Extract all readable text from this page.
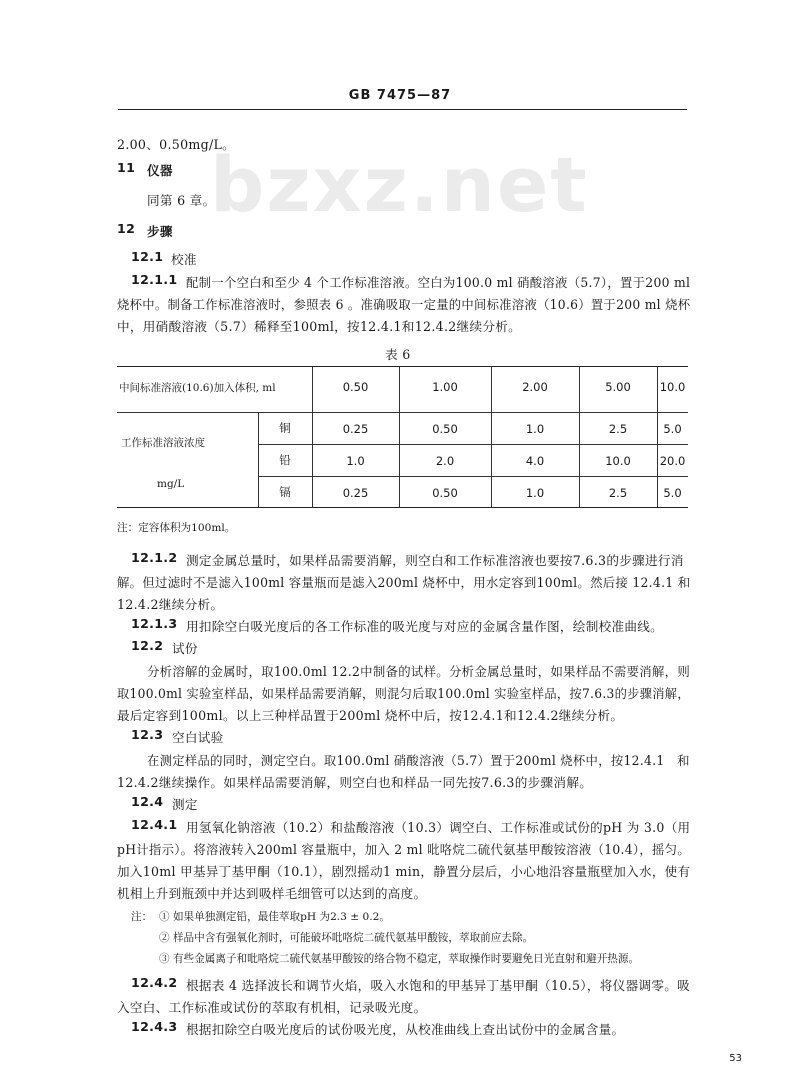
bzxz.net
GB 7475—87
2.00、0.50mg/L。
11 仪器
同第 6 章。
12 步骤
12.1 校准
12.1.1 配制一个空白和至少 4 个工作标准溶液。空白为100.0 ml 硝酸溶液（5.7），置于200 ml
烧杯中。制备工作标准溶液时，参照表 6 。准确吸取一定量的中间标准溶液（10.6）置于200 ml 烧杯
中，用硝酸溶液（5.7）稀释至100ml，按12.4.1和12.4.2继续分析。
表 6
中间标准溶液(10.6)加入体积, ml	0.50	1.00	2.00	5.00	10.0
工作标准溶液浓度
mg/L
铜	0.25	0.50	1.0	2.5	5.0
铅	1.0	2.0	4.0	10.0	20.0
镉	0.25	0.50	1.0	2.5	5.0
注：定容体积为100ml。
12.1.2 测定金属总量时，如果样品需要消解，则空白和工作标准溶液也要按7.6.3的步骤进行消
解。但过滤时不是滤入100ml 容量瓶而是滤入200ml 烧杯中，用水定容到100ml。然后接 12.4.1 和
12.4.2继续分析。
12.1.3 用扣除空白吸光度后的各工作标准的吸光度与对应的金属含量作图，绘制校准曲线。
12.2 试份
分析溶解的金属时，取100.0ml 12.2中制备的试样。分析金属总量时，如果样品不需要消解，则
取100.0ml 实验室样品，如果样品需要消解，则混匀后取100.0ml 实验室样品，按7.6.3的步骤消解，
最后定容到100ml。以上三种样品置于200ml 烧杯中后，按12.4.1和12.4.2继续分析。
12.3 空白试验
在测定样品的同时，测定空白。取100.0ml 硝酸溶液（5.7）置于200ml 烧杯中，按12.4.1　和
12.4.2继续操作。如果样品需要消解，则空白也和样品一同先按7.6.3的步骤消解。
12.4 测定
12.4.1 用氢氧化钠溶液（10.2）和盐酸溶液（10.3）调空白、工作标准或试份的pH 为 3.0（用
pH计指示）。将溶液转入200ml 容量瓶中，加入 2 ml 吡咯烷二硫代氨基甲酸铵溶液（10.4），摇匀。
加入10ml 甲基异丁基甲酮（10.1），剧烈摇动1 min，静置分层后，小心地沿容量瓶壁加入水，使有
机相上升到瓶颈中并达到吸样毛细管可以达到的高度。
注： ① 如果单独测定铅，最佳萃取pH 为2.3 ± 0.2。
② 样品中含有强氧化剂时，可能破坏吡咯烷二硫代氨基甲酸铵，萃取前应去除。
③ 有些金属离子和吡咯烷二硫代氨基甲酸铵的络合物不稳定，萃取操作时要避免日光直射和避开热源。
12.4.2 根据表 4 选择波长和调节火焰，吸入水饱和的甲基异丁基甲酮（10.5），将仪器调零。吸
入空白、工作标准或试份的萃取有机相，记录吸光度。
12.4.3 根据扣除空白吸光度后的试份吸光度，从校准曲线上查出试份中的金属含量。
53
